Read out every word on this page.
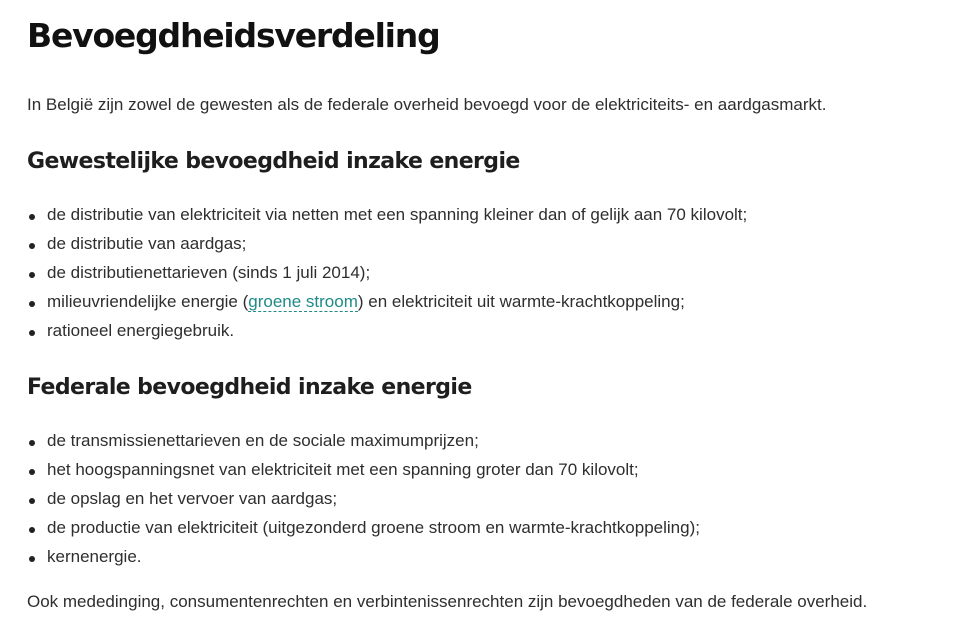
Bevoegdheidsverdeling

In België zijn zowel de gewesten als de federale overheid bevoegd voor de elektriciteits- en aardgasmarkt.

Gewestelijke bevoegdheid inzake energie
de distributie van elektriciteit via netten met een spanning kleiner dan of gelijk aan 70 kilovolt;
de distributie van aardgas;
de distributienettarieven (sinds 1 juli 2014);
milieuvriendelijke energie (groene stroom) en elektriciteit uit warmte-krachtkoppeling;
rationeel energiegebruik.
Federale bevoegdheid inzake energie
de transmissienettarieven en de sociale maximumprijzen;
het hoogspanningsnet van elektriciteit met een spanning groter dan 70 kilovolt;
de opslag en het vervoer van aardgas;
de productie van elektriciteit (uitgezonderd groene stroom en warmte-krachtkoppeling);
kernenergie.

Ook mededinging, consumentenrechten en verbintenissenrechten zijn bevoegdheden van de federale overheid.
